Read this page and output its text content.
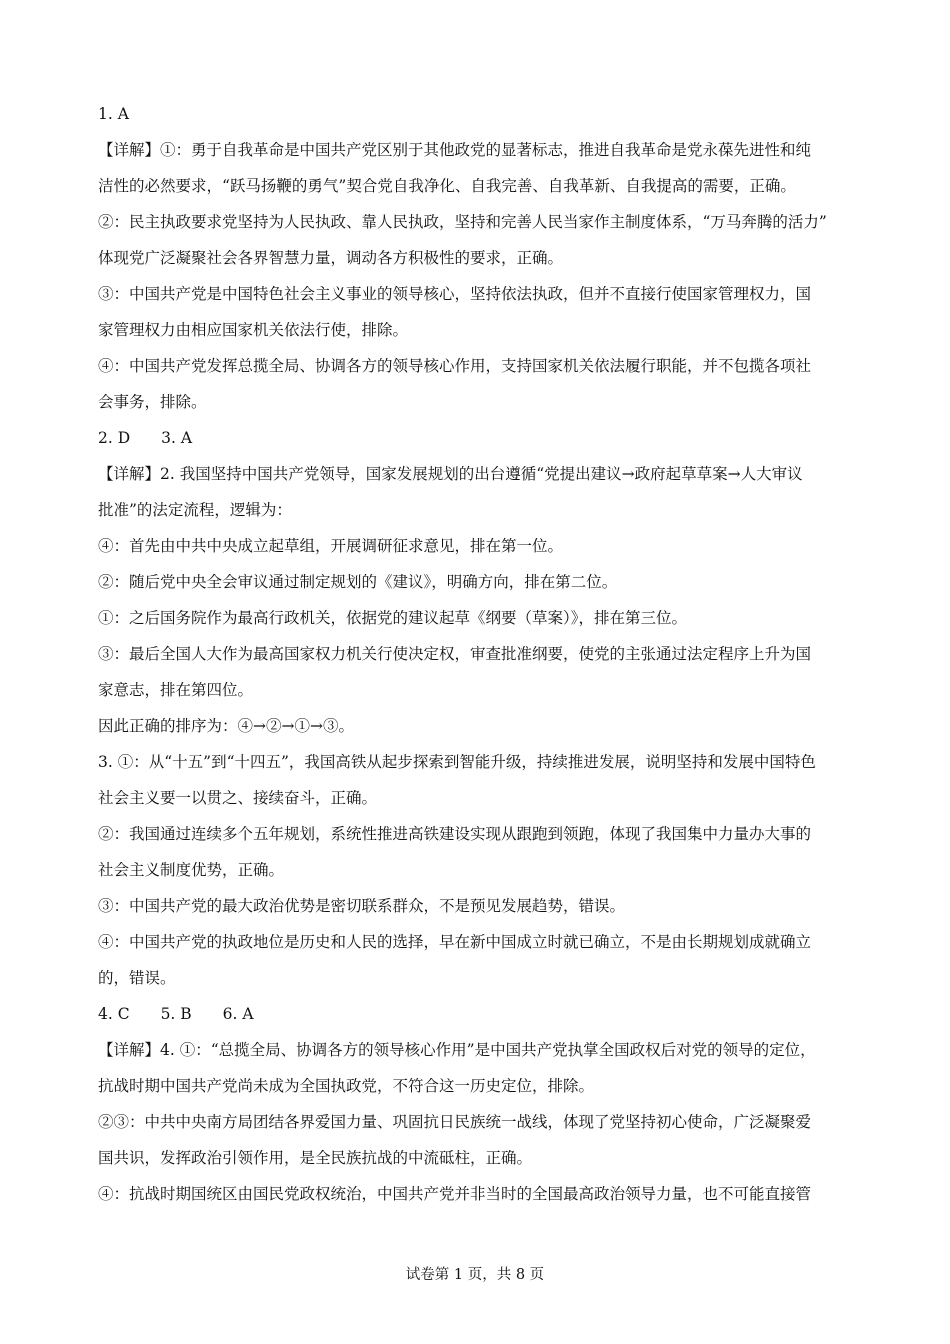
1. A
【详解】①：勇于自我革命是中国共产党区别于其他政党的显著标志，推进自我革命是党永葆先进性和纯
洁性的必然要求，“跃马扬鞭的勇气”契合党自我净化、自我完善、自我革新、自我提高的需要，正确。
②：民主执政要求党坚持为人民执政、靠人民执政，坚持和完善人民当家作主制度体系，“万马奔腾的活力”
体现党广泛凝聚社会各界智慧力量，调动各方积极性的要求，正确。
③：中国共产党是中国特色社会主义事业的领导核心，坚持依法执政，但并不直接行使国家管理权力，国
家管理权力由相应国家机关依法行使，排除。
④：中国共产党发挥总揽全局、协调各方的领导核心作用，支持国家机关依法履行职能，并不包揽各项社
会事务，排除。
2. D　　3. A
【详解】2. 我国坚持中国共产党领导，国家发展规划的出台遵循“党提出建议→政府起草草案→人大审议
批准”的法定流程，逻辑为：
④：首先由中共中央成立起草组，开展调研征求意见，排在第一位。
②：随后党中央全会审议通过制定规划的《建议》，明确方向，排在第二位。
①：之后国务院作为最高行政机关，依据党的建议起草《纲要（草案）》，排在第三位。
③：最后全国人大作为最高国家权力机关行使决定权，审查批准纲要，使党的主张通过法定程序上升为国
家意志，排在第四位。
因此正确的排序为：④→②→①→③。
3. ①：从“十五”到“十四五”，我国高铁从起步探索到智能升级，持续推进发展，说明坚持和发展中国特色
社会主义要一以贯之、接续奋斗，正确。
②：我国通过连续多个五年规划，系统性推进高铁建设实现从跟跑到领跑，体现了我国集中力量办大事的
社会主义制度优势，正确。
③：中国共产党的最大政治优势是密切联系群众，不是预见发展趋势，错误。
④：中国共产党的执政地位是历史和人民的选择，早在新中国成立时就已确立，不是由长期规划成就确立
的，错误。
4. C　　5. B　　6. A
【详解】4. ①：“总揽全局、协调各方的领导核心作用”是中国共产党执掌全国政权后对党的领导的定位，
抗战时期中国共产党尚未成为全国执政党，不符合这一历史定位，排除。
②③：中共中央南方局团结各界爱国力量、巩固抗日民族统一战线，体现了党坚持初心使命，广泛凝聚爱
国共识，发挥政治引领作用，是全民族抗战的中流砥柱，正确。
④：抗战时期国统区由国民党政权统治，中国共产党并非当时的全国最高政治领导力量，也不可能直接管
试卷第 1 页，共 8 页
